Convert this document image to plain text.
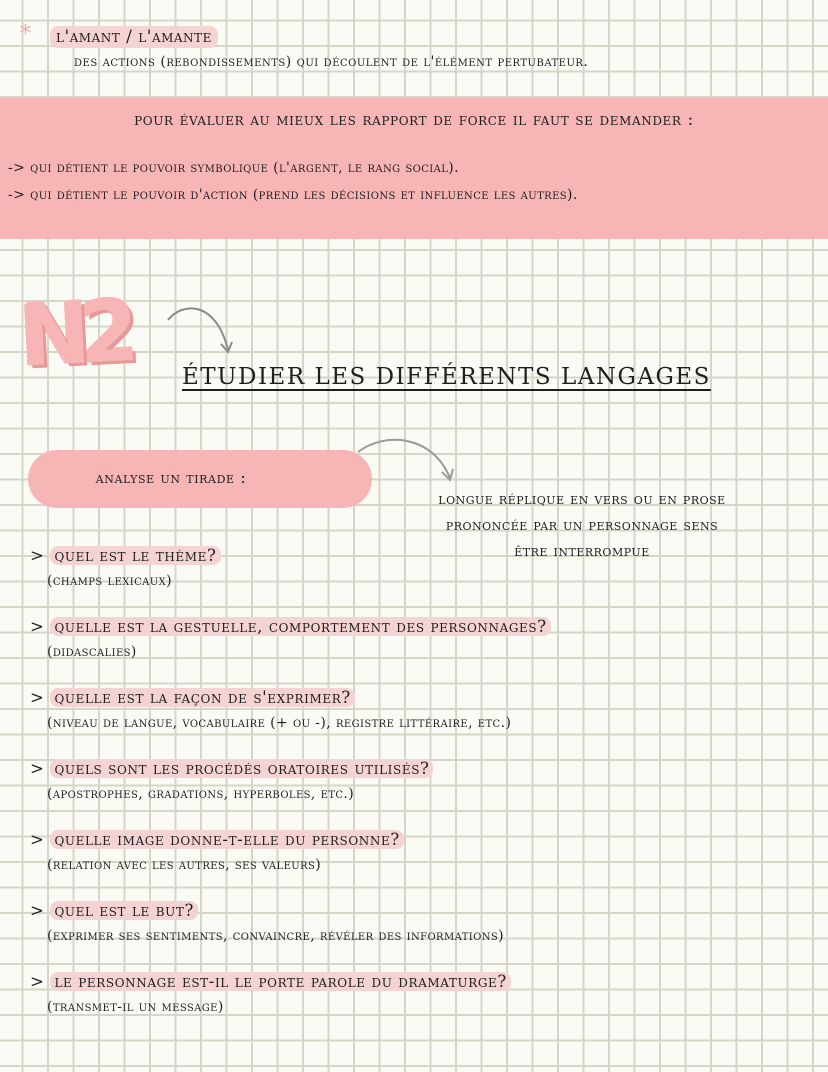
*	l'amant / l'amante
des actions (rebondissements) qui découlent de l'élément pertubateur.
pour évaluer au mieux les rapport de force il faut se demander :
-> qui détient le pouvoir symbolique (l'argent, le rang social).
-> qui détient le pouvoir d'action (prend les décisions et influence les autres).
N2 ÉTUDIER LES DIFFÉRENTS LANGAGES
analyse un tirade :
longue réplique en vers ou en prose prononcée par un personnage sens être interrompue
> quel est le thème?
(champs lexicaux)
> quelle est la gestuelle, comportement des personnages?
(didascalies)
> quelle est la façon de s'exprimer?
(niveau de langue, vocabulaire (+ ou -), registre littéraire, etc.)
> quels sont les procédés oratoires utilisés?
(apostrophes, gradations, hyperboles, etc.)
> quelle image donne-t-elle du personne?
(relation avec les autres, ses valeurs)
> quel est le but?
(exprimer ses sentiments, convaincre, révéler des informations)
> le personnage est-il le porte parole du dramaturge?
(transmet-il un message)
